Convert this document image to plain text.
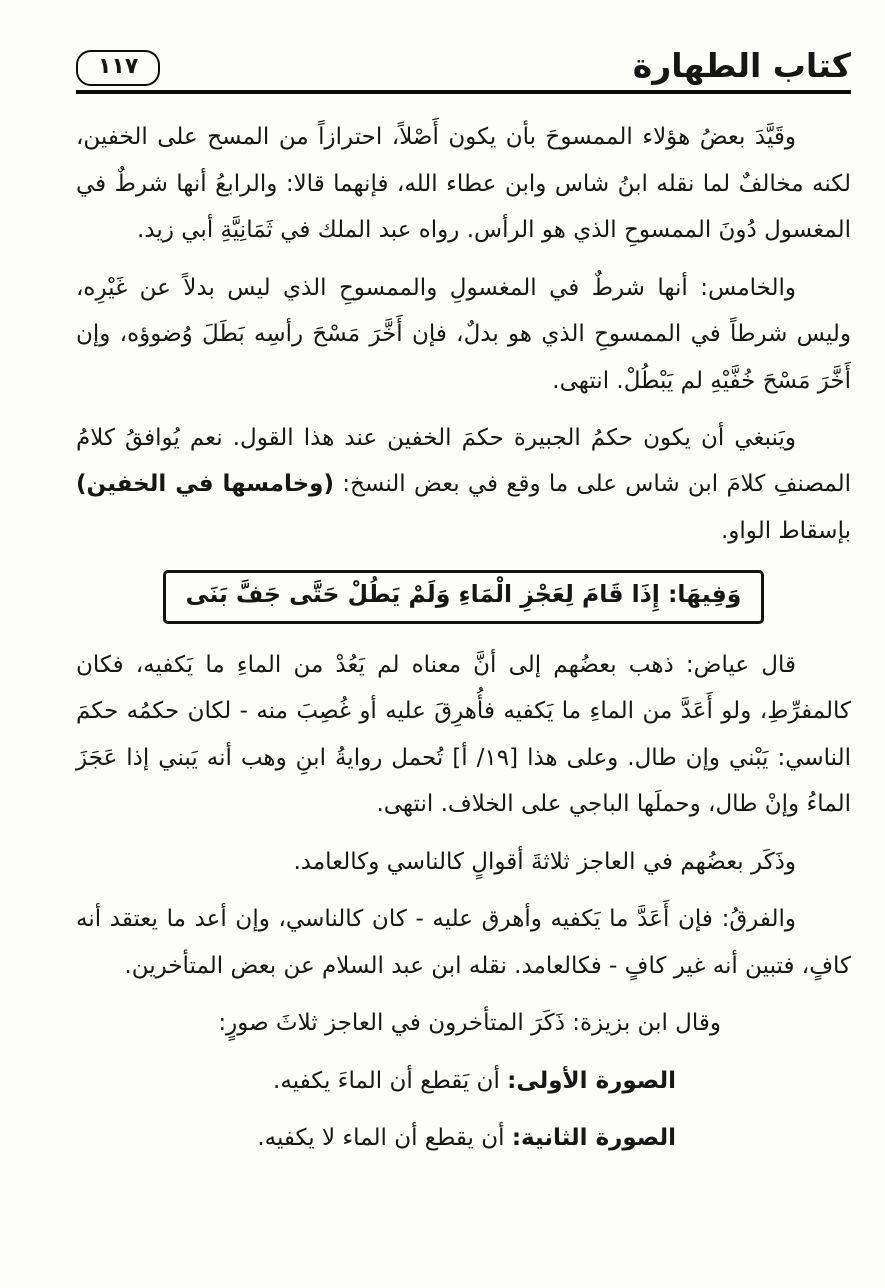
كتاب الطهارة
١١٧

وقَيَّدَ بعضُ هؤلاء الممسوحَ بأن يكون أَصْلاً، احترازاً من المسح على الخفين، لكنه مخالفٌ لما نقله ابنُ شاس وابن عطاء الله، فإنهما قالا: والرابعُ أنها شرطٌ في المغسول دُونَ الممسوحِ الذي هو الرأس. رواه عبد الملك في ثَمَانِيَّةِ أبي زيد.

والخامس: أنها شرطٌ في المغسولِ والممسوحِ الذي ليس بدلاً عن غَيْرِه، وليس شرطاً في الممسوحِ الذي هو بدلٌ، فإن أَخَّرَ مَسْحَ رأسِه بَطَلَ وُضوؤه، وإن أَخَّرَ مَسْحَ خُفَّيْهِ لم يَبْطُلْ. انتهى.

ويَنبغي أن يكون حكمُ الجبيرة حكمَ الخفين عند هذا القول. نعم يُوافقُ كلامُ المصنفِ كلامَ ابن شاس على ما وقع في بعض النسخ: (وخامسها في الخفين) بإسقاط الواو.

وَفِيهَا: إِذَا قَامَ لِعَجْزِ الْمَاءِ وَلَمْ يَطُلْ حَتَّى جَفَّ بَنَى

قال عياض: ذهب بعضُهم إلى أنَّ معناه لم يَعُدْ من الماءِ ما يَكفيه، فكان كالمفرِّطِ، ولو أَعَدَّ من الماءِ ما يَكفيه فأُهرِقَ عليه أو غُصِبَ منه - لكان حكمُه حكمَ الناسي: يَبْني وإن طال. وعلى هذا [١٩/ أ] تُحمل روايةُ ابنِ وهب أنه يَبني إذا عَجَزَ الماءُ وإنْ طال، وحملَها الباجي على الخلاف. انتهى.

وذَكَر بعضُهم في العاجز ثلاثةَ أقوالٍ كالناسي وكالعامد.

والفرقُ: فإن أَعَدَّ ما يَكفيه وأهرق عليه - كان كالناسي، وإن أعد ما يعتقد أنه كافٍ، فتبين أنه غير كافٍ - فكالعامد. نقله ابن عبد السلام عن بعض المتأخرين.

وقال ابن بزيزة: ذَكَرَ المتأخرون في العاجز ثلاثَ صورٍ:

الصورة الأولى: أن يَقطع أن الماءَ يكفيه.

الصورة الثانية: أن يقطع أن الماء لا يكفيه.
